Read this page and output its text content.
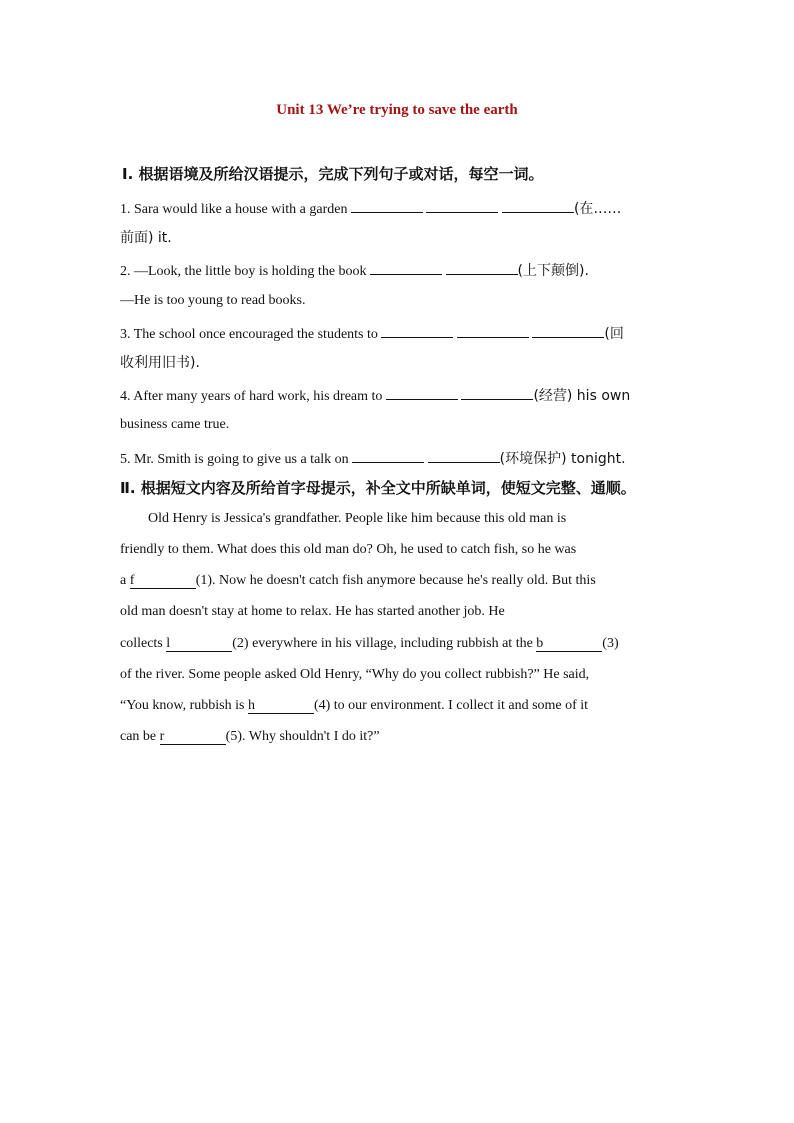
Unit 13 We’re trying to save the earth
Ⅰ. 根据语境及所给汉语提示，完成下列句子或对话，每空一词。
1. Sara would like a house with a garden	(在……
前面) it.
2. —Look, the little boy is holding the book	(上下颠倒).
—He is too young to read books.
3. The school once encouraged the students to	(回
收利用旧书).
4. After many years of hard work, his dream to	(经营) his own
business came true.
5. Mr. Smith is going to give us a talk on	(环境保护) tonight.
Ⅱ. 根据短文内容及所给首字母提示，补全文中所缺单词，使短文完整、通顺。
Old Henry is Jessica's grandfather. People like him because this old man is
friendly to them. What does this old man do? Oh, he used to catch fish, so he was
a f	(1). Now he doesn't catch fish anymore because he's really old. But this
old man doesn't stay at home to relax. He has started another job. He
collects l	(2) everywhere in his village, including rubbish at the b	(3)
of the river. Some people asked Old Henry, “Why do you collect rubbish?” He said,
“You know, rubbish is h	(4) to our environment. I collect it and some of it
can be r	(5). Why shouldn't I do it?”
